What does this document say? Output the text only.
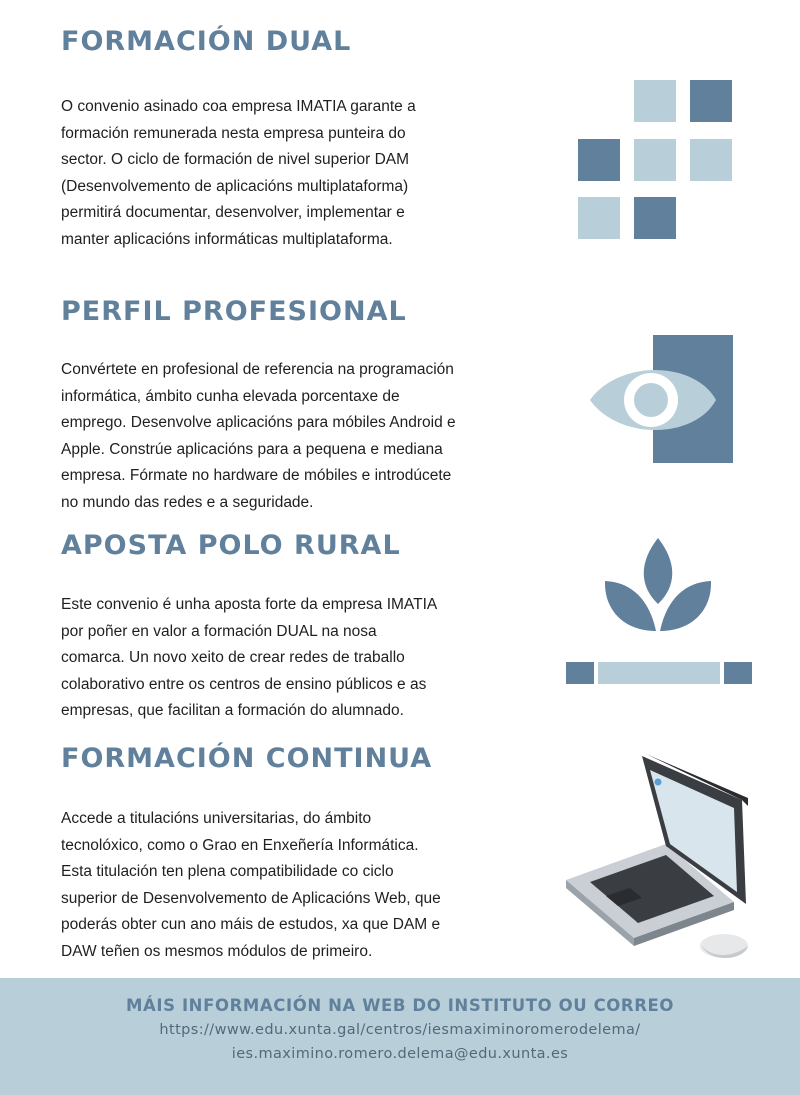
FORMACIÓN DUAL
O convenio asinado coa empresa IMATIA garante a
formación remunerada nesta empresa punteira do
sector. O ciclo de formación de nivel superior DAM
(Desenvolvemento de aplicacións multiplataforma)
permitirá documentar, desenvolver, implementar e
manter aplicacións informáticas multiplataforma.
PERFIL PROFESIONAL
Convértete en profesional de referencia na programación
informática, ámbito cunha elevada porcentaxe de
emprego. Desenvolve aplicacións para móbiles Android e
Apple. Constrúe aplicacións para a pequena e mediana
empresa. Fórmate no hardware de móbiles e introdúcete
no mundo das redes e a seguridade.
APOSTA POLO RURAL
Este convenio é unha aposta forte da empresa IMATIA
por poñer en valor a formación DUAL na nosa
comarca. Un novo xeito de crear redes de traballo
colaborativo entre os centros de ensino públicos e as
empresas, que facilitan a formación do alumnado.
FORMACIÓN CONTINUA
Accede a titulacións universitarias, do ámbito
tecnolóxico, como o Grao en Enxeñería Informática.
Esta titulación ten plena compatibilidade co ciclo
superior de Desenvolvemento de Aplicacións Web, que
poderás obter cun ano máis de estudos, xa que DAM e
DAW teñen os mesmos módulos de primeiro.

MÁIS INFORMACIÓN NA WEB DO INSTITUTO OU CORREO

https://www.edu.xunta.gal/centros/iesmaximinoromerodelema/

ies.maximino.romero.delema@edu.xunta.es
